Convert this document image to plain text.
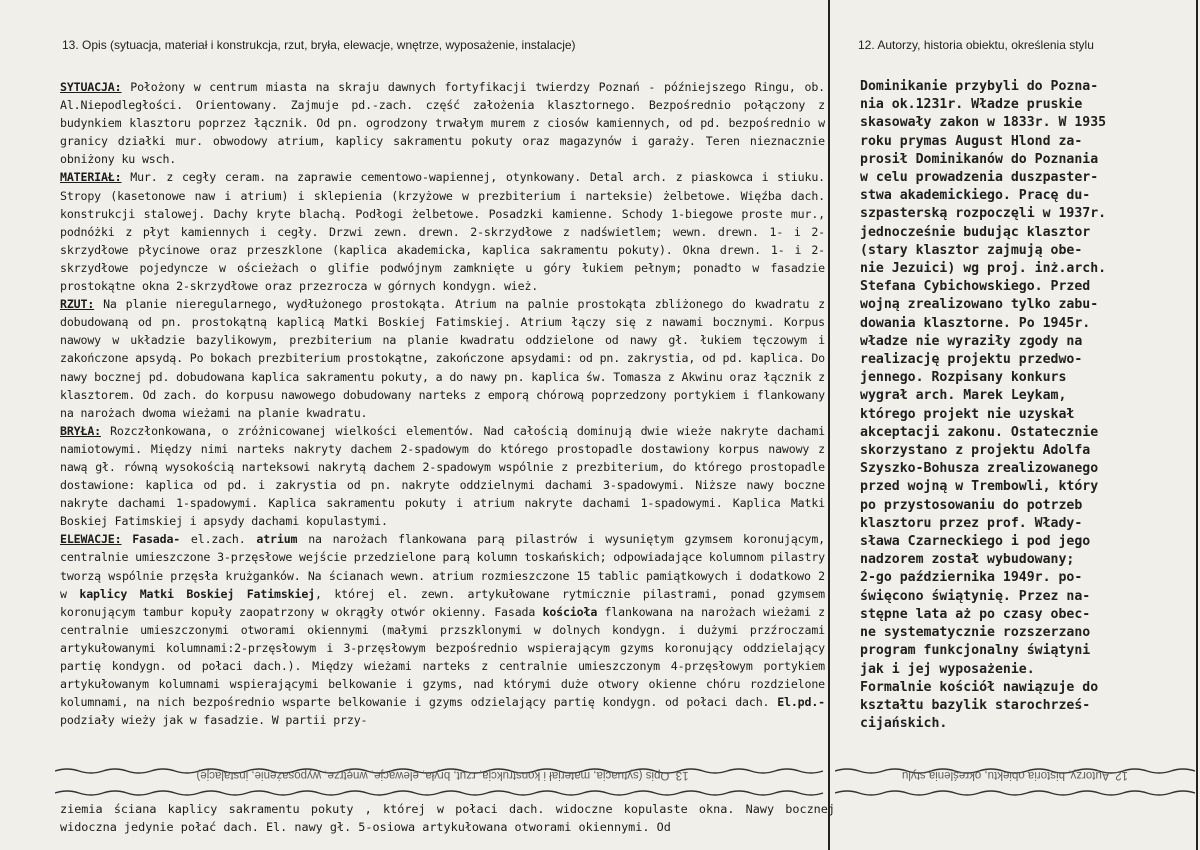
13. Opis (sytuacja, materiał i konstrukcja, rzut, bryła, elewacje, wnętrze, wyposażenie, instalacje)	12. Autorzy, historia obiektu, określenia stylu

SYTUACJA: Położony w centrum miasta na skraju dawnych fortyfikacji twierdzy Poznań - późniejszego Ringu, ob. Al.Niepodległości. Orientowany. Zajmuje pd.-zach. część założenia klasztornego. Bezpośrednio połączony z budynkiem klasztoru poprzez łącznik. Od pn. ogrodzony trwałym murem z ciosów kamiennych, od pd. bezpośrednio w granicy działki mur. obwodowy atrium, kaplicy sakramentu pokuty oraz magazynów i garaży. Teren nieznacznie obniżony ku wsch.

MATERIAŁ: Mur. z cegły ceram. na zaprawie cementowo-wapiennej, otynkowany. Detal arch. z piaskowca i stiuku. Stropy (kasetonowe naw i atrium) i sklepienia (krzyżowe w prezbiterium i narteksie) żelbetowe. Więźba dach. konstrukcji stalowej. Dachy kryte blachą. Podłogi żelbetowe. Posadzki kamienne. Schody 1-biegowe proste mur., podnóżki z płyt kamiennych i cegły. Drzwi zewn. drewn. 2-skrzydłowe z nadświetlem; wewn. drewn. 1- i 2-skrzydłowe płycinowe oraz przeszklone (kaplica akademicka, kaplica sakramentu pokuty). Okna drewn. 1- i 2-skrzydłowe pojedyncze w ościeżach o glifie podwójnym zamknięte u góry łukiem pełnym; ponadto w fasadzie prostokątne okna 2-skrzydłowe oraz przezrocza w górnych kondygn. wież.

RZUT: Na planie nieregularnego, wydłużonego prostokąta. Atrium na palnie prostokąta zbliżonego do kwadratu z dobudowaną od pn. prostokątną kaplicą Matki Boskiej Fatimskiej. Atrium łączy się z nawami bocznymi. Korpus nawowy w układzie bazylikowym, prezbiterium na planie kwadratu oddzielone od nawy gł. łukiem tęczowym i zakończone apsydą. Po bokach prezbiterium prostokątne, zakończone apsydami: od pn. zakrystia, od pd. kaplica. Do nawy bocznej pd. dobudowana kaplica sakramentu pokuty, a do nawy pn. kaplica św. Tomasza z Akwinu oraz łącznik z klasztorem. Od zach. do korpusu nawowego dobudowany narteks z emporą chórową poprzedzony portykiem i flankowany na narożach dwoma wieżami na planie kwadratu.

BRYŁA: Rozczłonkowana, o zróżnicowanej wielkości elementów. Nad całością dominują dwie wieże nakryte dachami namiotowymi. Między nimi narteks nakryty dachem 2-spadowym do którego prostopadle dostawiony korpus nawowy z nawą gł. równą wysokością narteksowi nakrytą dachem 2-spadowym wspólnie z prezbiterium, do którego prostopadle dostawione: kaplica od pd. i zakrystia od pn. nakryte oddzielnymi dachami 3-spadowymi. Niższe nawy boczne nakryte dachami 1-spadowymi. Kaplica sakramentu pokuty i atrium nakryte dachami 1-spadowymi. Kaplica Matki Boskiej Fatimskiej i apsydy dachami kopulastymi.

ELEWACJE: Fasada- el.zach. atrium na narożach flankowana parą pilastrów i wysuniętym gzymsem koronującym, centralnie umieszczone 3-przęsłowe wejście przedzielone parą kolumn toskańskich; odpowiadające kolumnom pilastry tworzą wspólnie przęsła krużganków. Na ścianach wewn. atrium rozmieszczone 15 tablic pamiątkowych i dodatkowo 2 w kaplicy Matki Boskiej Fatimskiej, której el. zewn. artykułowane rytmicznie pilastrami, ponad gzymsem koronującym tambur kopuły zaopatrzony w okrągły otwór okienny. Fasada kościoła flankowana na narożach wieżami z centralnie umieszczonymi otworami okiennymi (małymi przszklonymi w dolnych kondygn. i dużymi przźroczami artykułowanymi kolumnami:2-przęsłowym i 3-przęsłowym bezpośrednio wspierającym gzyms koronujący oddzielający partię kondygn. od połaci dach.). Między wieżami narteks z centralnie umieszczonym 4-przęsłowym portykiem artykułowanym kolumnami wspierającymi belkowanie i gzyms, nad którymi duże otwory okienne chóru rozdzielone kolumnami, na nich bezpośrednio wsparte belkowanie i gzyms odzielający partię kondygn. od połaci dach. El.pd.- podziały wieży jak w fasadzie. W partii przy-

Dominikanie przybyli do Pozna-
nia ok.1231r. Władze pruskie
skasowały zakon w 1833r. W 1935
roku prymas August Hlond za-
prosił Dominikanów do Poznania
w celu prowadzenia duszpaster-
stwa akademickiego. Pracę du-
szpasterską rozpoczęli w 1937r.
jednocześnie budując klasztor
(stary klasztor zajmują obe-
nie Jezuici) wg proj. inż.arch.
Stefana Cybichowskiego. Przed
wojną zrealizowano tylko zabu-
dowania klasztorne. Po 1945r.
władze nie wyraziły zgody na
realizację projektu przedwo-
jennego. Rozpisany konkurs
wygrał arch. Marek Leykam,
którego projekt nie uzyskał
akceptacji zakonu. Ostatecznie
skorzystano z projektu Adolfa
Szyszko-Bohusza zrealizowanego
przed wojną w Trembowli, który
po przystosowaniu do potrzeb
klasztoru przez prof. Włady-
sława Czarneckiego i pod jego
nadzorem został wybudowany;
2-go października 1949r. po-
święcono świątynię. Przez na-
stępne lata aż po czasy obec-
ne systematycznie rozszerzano
program funkcjonalny świątyni
jak i jej wyposażenie.
Formalnie kościół nawiązuje do
kształtu bazylik starochrześ-
cijańskich.
13. Opis (sytuacja, materiał i konstrukcja, rzut, bryła, elewacje, wnętrze, wyposażenie, instalacje)	12. Autorzy, historia obiektu, określenia stylu
ziemia ściana kaplicy sakramentu pokuty , której w połaci dach. widoczne kopulaste okna. Nawy bocznej widoczna jedynie połać dach. El. nawy gł. 5-osiowa artykułowana otworami okiennymi. Od
